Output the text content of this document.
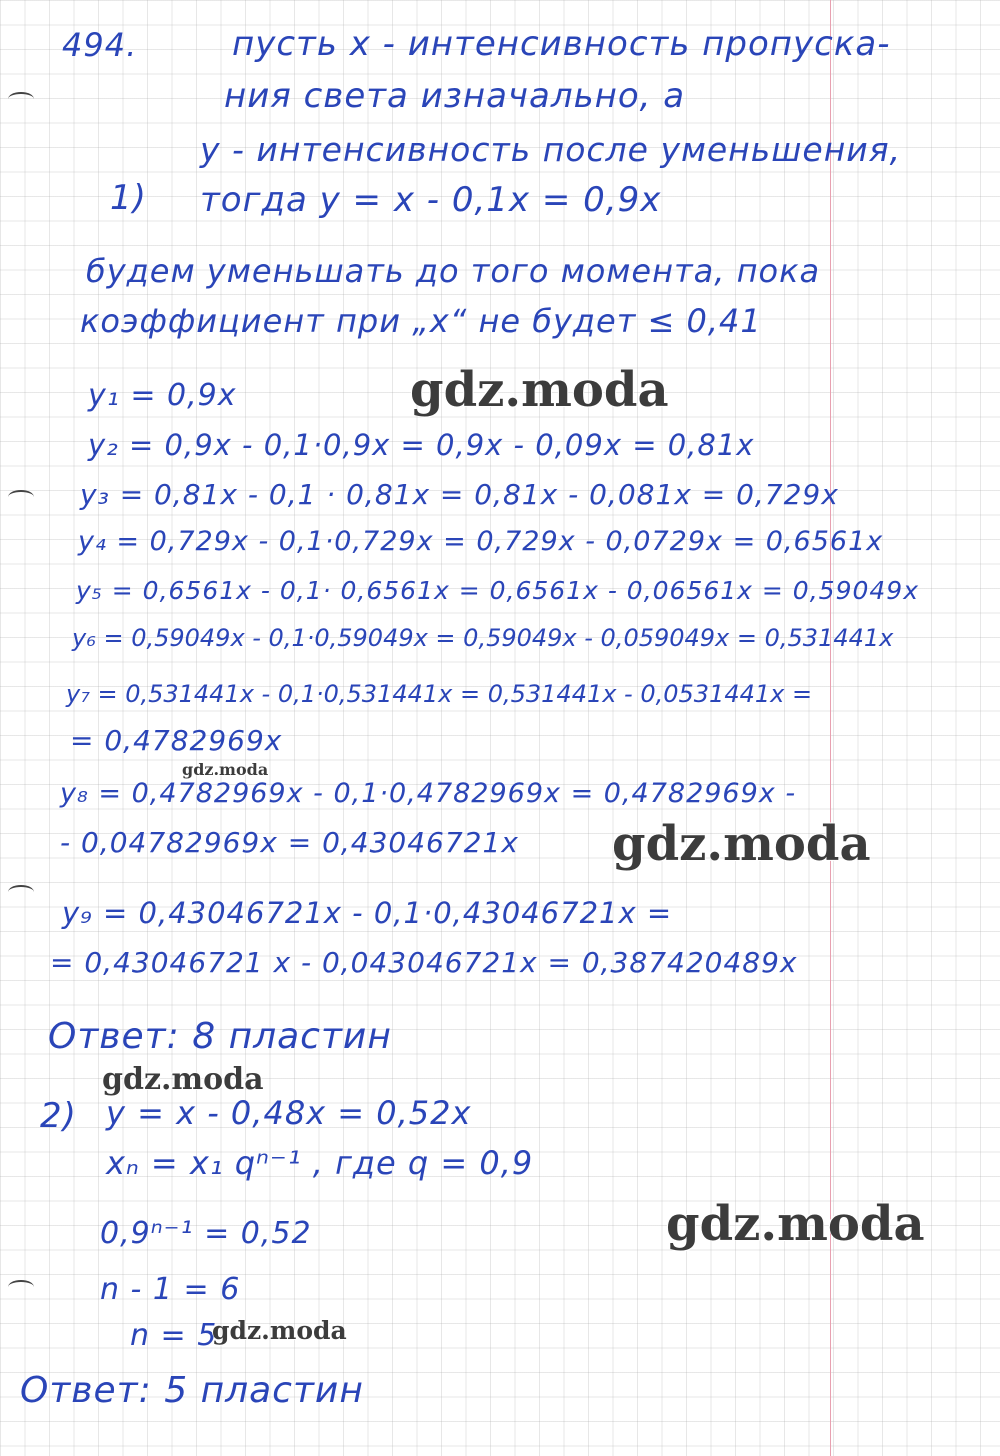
494.	пусть х - интенсивность пропуска-
ния света изначально, а
у - интенсивность после уменьшения,
1) тогда у = х - 0,1х = 0,9х
будем уменьшать до того момента, пока
коэффициент при „х“ не будет ≤ 0,41
у₁ = 0,9х
у₂ = 0,9х - 0,1·0,9х = 0,9х - 0,09х = 0,81х
у₃ = 0,81х - 0,1 · 0,81х = 0,81х - 0,081х = 0,729х
у₄ = 0,729х - 0,1·0,729х = 0,729х - 0,0729х = 0,6561х
у₅ = 0,6561х - 0,1· 0,6561х = 0,6561х - 0,06561х = 0,59049х
у₆ = 0,59049х - 0,1·0,59049х = 0,59049х - 0,059049х = 0,531441х
у₇ = 0,531441х - 0,1·0,531441х = 0,531441х - 0,0531441х =
= 0,4782969х
у₈ = 0,4782969х - 0,1·0,4782969х = 0,4782969х -
- 0,04782969х = 0,43046721х
у₉ = 0,43046721х - 0,1·0,43046721х =
= 0,43046721 х - 0,043046721х = 0,387420489х
Ответ: 8 пластин
2) у = х - 0,48х = 0,52х
хₙ = х₁ qⁿ⁻¹ , где q = 0,9
0,9ⁿ⁻¹ = 0,52
n - 1 = 6
n = 5
Ответ: 5 пластин
gdz.moda
gdz.moda
gdz.moda
gdz.moda
gdz.moda
gdz.moda
